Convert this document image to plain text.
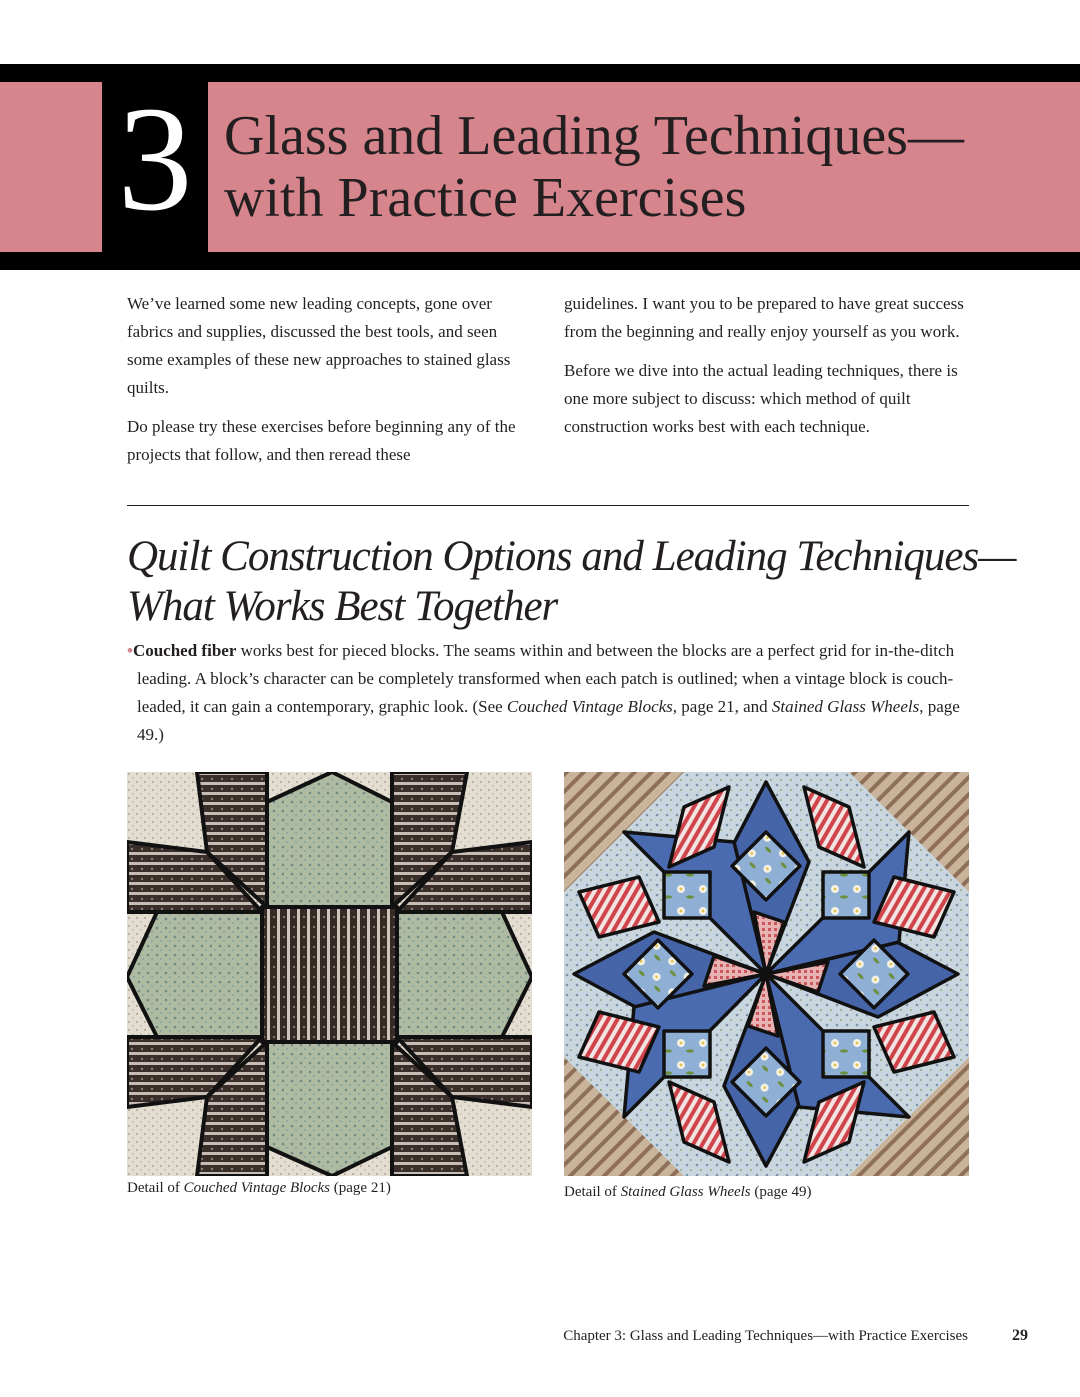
3 Glass and Leading Techniques—
with Practice Exercises

We’ve learned some new leading concepts, gone over fabrics and supplies, discussed the best tools, and seen some examples of these new approaches to stained glass quilts.

Do please try these exercises before beginning any of the projects that follow, and then reread these

guidelines. I want you to be prepared to have great success from the beginning and really enjoy yourself as you work.

Before we dive into the actual leading techniques, there is one more subject to discuss: which method of quilt construction works best with each technique.

Quilt Construction Options and Leading Techniques—
What Works Best Together
•Couched fiber works best for pieced blocks. The seams within and between the blocks are a perfect grid for in-the-ditch leading. A block’s character can be completely transformed when each patch is outlined; when a vintage block is couch-leaded, it can gain a contemporary, graphic look. (See Couched Vintage Blocks, page 21, and Stained Glass Wheels, page 49.)
Detail of Couched Vintage Blocks (page 21)	Detail of Stained Glass Wheels (page 49)
Chapter 3: Glass and Leading Techniques—with Practice Exercises	29
